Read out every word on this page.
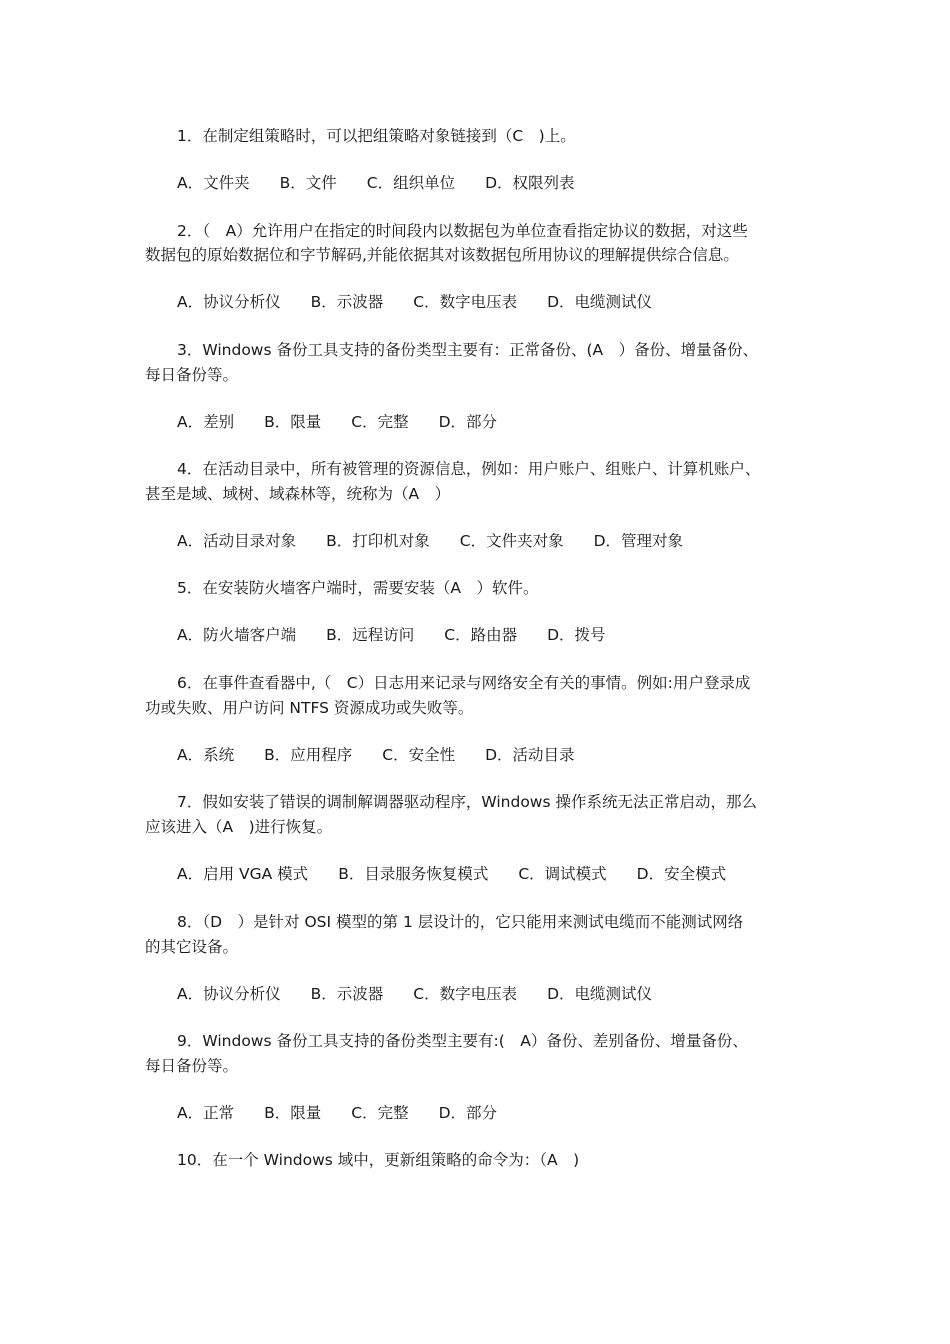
1．在制定组策略时，可以把组策略对象链接到（C　)上。
A．文件夹 B．文件 C．组织单位 D．权限列表
2．（　A）允许用户在指定的时间段内以数据包为单位查看指定协议的数据，对这些
数据包的原始数据位和字节解码,并能依据其对该数据包所用协议的理解提供综合信息。
A．协议分析仪 B．示波器 C．数字电压表 D．电缆测试仪
3．Windows 备份工具支持的备份类型主要有：正常备份、(A　）备份、增量备份、
每日备份等。
A．差别 B．限量 C．完整 D．部分
4．在活动目录中，所有被管理的资源信息，例如：用户账户、组账户、计算机账户、
甚至是域、域树、域森林等，统称为（A　）
A．活动目录对象 B．打印机对象 C．文件夹对象 D．管理对象
5．在安装防火墙客户端时，需要安装（A　）软件。
A．防火墙客户端 B．远程访问 C．路由器 D．拨号
6．在事件查看器中,（　C）日志用来记录与网络安全有关的事情。例如:用户登录成
功或失败、用户访问 NTFS 资源成功或失败等。
A．系统 B．应用程序 C．安全性 D．活动目录
7．假如安装了错误的调制解调器驱动程序，Windows 操作系统无法正常启动，那么
应该进入（A　)进行恢复。
A．启用 VGA 模式 B．目录服务恢复模式 C．调试模式 D．安全模式
8．（D　）是针对 OSI 模型的第 1 层设计的，它只能用来测试电缆而不能测试网络
的其它设备。
A．协议分析仪 B．示波器 C．数字电压表 D．电缆测试仪
9．Windows 备份工具支持的备份类型主要有:(　A）备份、差别备份、增量备份、
每日备份等。
A．正常 B．限量 C．完整 D．部分
10．在一个 Windows 域中，更新组策略的命令为：（A　)
